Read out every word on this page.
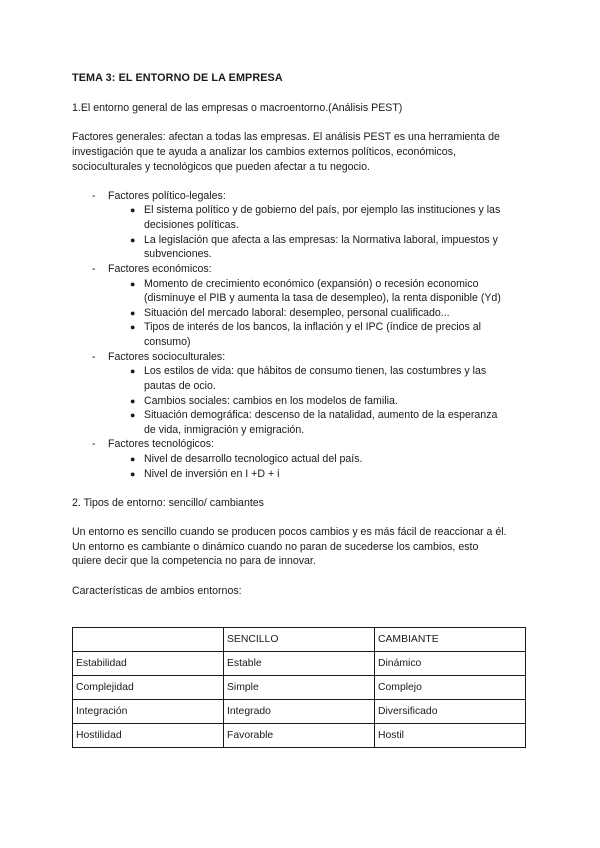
TEMA 3: EL ENTORNO DE LA EMPRESA
1.El entorno general de las empresas o macroentorno.(Análisis PEST)
Factores generales: afectan a todas las empresas. El análisis PEST es una herramienta de
investigación que te ayuda a analizar los cambios externos políticos, económicos,
socioculturales y tecnológicos que pueden afectar a tu negocio.
- Factores político-legales:
● El sistema político y de gobierno del país, por ejemplo las instituciones y las
decisiones políticas.
● La legislación que afecta a las empresas: la Normativa laboral, impuestos y
subvenciones.
- Factores económicos:
● Momento de crecimiento económico (expansión) o recesión economico
(disminuye el PIB y aumenta la tasa de desempleo), la renta disponible (Yd)
● Situación del mercado laboral: desempleo, personal cualificado...
● Tipos de interés de los bancos, la inflación y el IPC (índice de precios al
consumo)
- Factores socioculturales:
● Los estilos de vida: que hábitos de consumo tienen, las costumbres y las
pautas de ocio.
● Cambios sociales: cambios en los modelos de familia.
● Situación demográfica: descenso de la natalidad, aumento de la esperanza
de vida, inmigración y emigración.
- Factores tecnológicos:
● Nivel de desarrollo tecnologico actual del país.
● Nivel de inversión en I +D + i
2. Tipos de entorno: sencillo/ cambiantes
Un entorno es sencillo cuando se producen pocos cambios y es más fácil de reaccionar a él.
Un entorno es cambiante o dinámico cuando no paran de sucederse los cambios, esto
quiere decir que la competencia no para de innovar.
Características de ambios entornos:
	SENCILLO	CAMBIANTE
Estabilidad	Estable	Dinámico
Complejidad	Simple	Complejo
Integración	Integrado	Diversificado
Hostilidad	Favorable	Hostil
